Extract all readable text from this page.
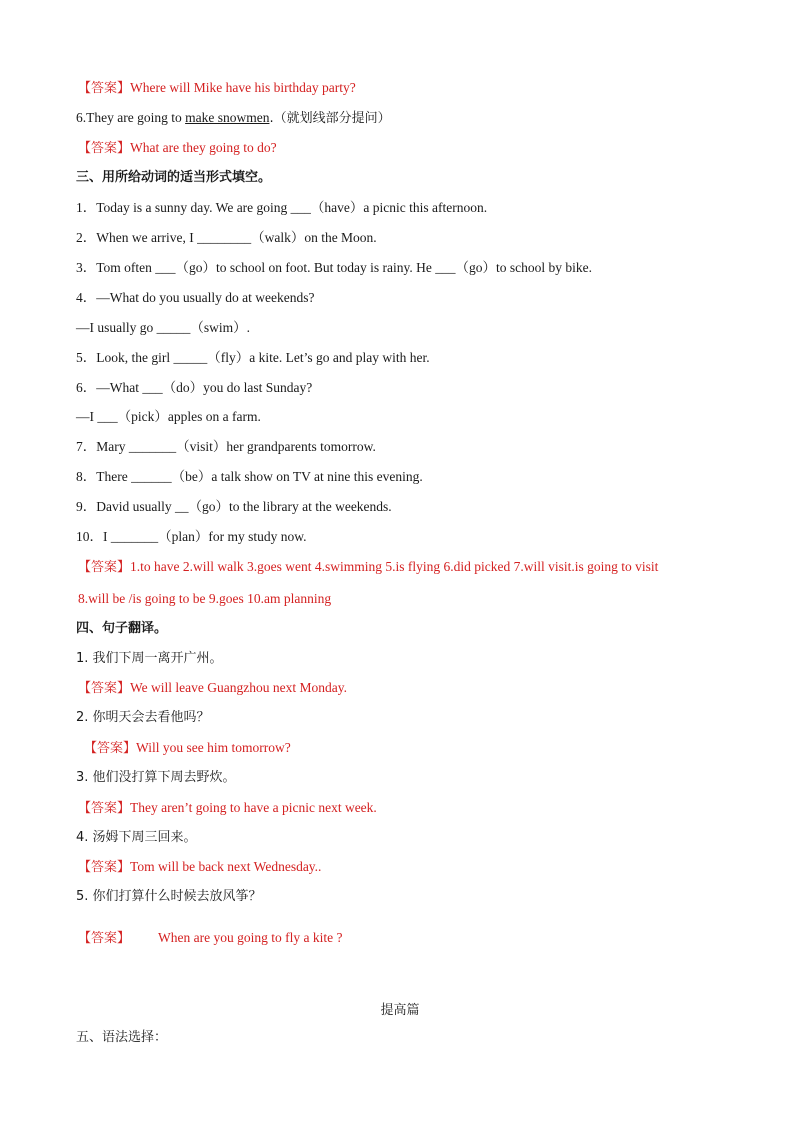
【答案】Where will Mike have his birthday party?
6.They are going to make snowmen.（就划线部分提问）
【答案】What are they going to do?
三、用所给动词的适当形式填空。
1．Today is a sunny day. We are going ___（have）a picnic this afternoon.
2．When we arrive, I ________（walk）on the Moon.
3．Tom often ___（go）to school on foot. But today is rainy. He ___（go）to school by bike.
4．—What do you usually do at weekends?
—I usually go _____（swim）.
5．Look, the girl _____（fly）a kite. Let’s go and play with her.
6．—What ___（do）you do last Sunday?
—I ___（pick）apples on a farm.
7．Mary _______（visit）her grandparents tomorrow.
8．There ______（be）a talk show on TV at nine this evening.
9．David usually __（go）to the library at the weekends.
10．I _______（plan）for my study now.
【答案】1.to have 2.will walk 3.goes went 4.swimming 5.is flying 6.did picked 7.will visit.is going to visit
8.will be /is going to be 9.goes 10.am planning
四、句子翻译。
1. 我们下周一离开广州。
【答案】We will leave Guangzhou next Monday.
2. 你明天会去看他吗？
【答案】Will you see him tomorrow?
3. 他们没打算下周去野炊。
【答案】They aren’t going to have a picnic next week.
4. 汤姆下周三回来。
【答案】Tom will be back next Wednesday..
5. 你们打算什么时候去放风筝？
【答案】 When are you going to fly a kite ?
提高篇
五、语法选择：
